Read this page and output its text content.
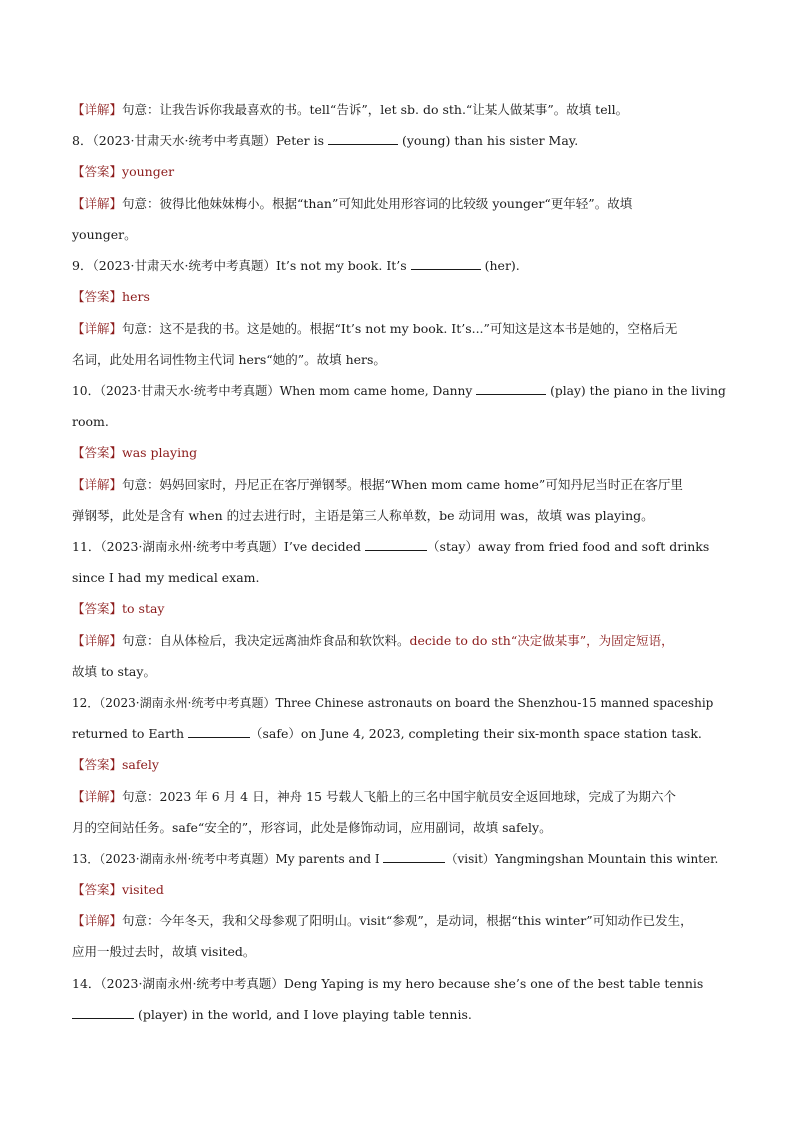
【详解】句意：让我告诉你我最喜欢的书。tell“告诉”，let sb. do sth.“让某人做某事”。故填 tell。
8．（2023·甘肃天水·统考中考真题）Peter is	(young) than his sister May.
【答案】younger
【详解】句意：彼得比他妹妹梅小。根据“than”可知此处用形容词的比较级 younger“更年轻”。故填
younger。
9．（2023·甘肃天水·统考中考真题）It’s not my book. It’s	(her).
【答案】hers
【详解】句意：这不是我的书。这是她的。根据“It’s not my book. It’s...”可知这是这本书是她的，空格后无
名词，此处用名词性物主代词 hers“她的”。故填 hers。
10．（2023·甘肃天水·统考中考真题）When mom came home, Danny	(play) the piano in the living
room.
【答案】was playing
【详解】句意：妈妈回家时，丹尼正在客厅弹钢琴。根据“When mom came home”可知丹尼当时正在客厅里
弹钢琴，此处是含有 when 的过去进行时，主语是第三人称单数，be 动词用 was，故填 was playing。
11．（2023·湖南永州·统考中考真题）I’ve decided	（stay）away from fried food and soft drinks
since I had my medical exam.
【答案】to stay
【详解】句意：自从体检后，我决定远离油炸食品和软饮料。decide to do sth“决定做某事”，为固定短语，
故填 to stay。
12．（2023·湖南永州·统考中考真题）Three Chinese astronauts on board the Shenzhou-15 manned spaceship
returned to Earth	（safe）on June 4, 2023, completing their six-month space station task.
【答案】safely
【详解】句意：2023 年 6 月 4 日，神舟 15 号载人飞船上的三名中国宇航员安全返回地球，完成了为期六个
月的空间站任务。safe“安全的”，形容词，此处是修饰动词，应用副词，故填 safely。
13．（2023·湖南永州·统考中考真题）My parents and I	（visit）Yangmingshan Mountain this winter.
【答案】visited
【详解】句意：今年冬天，我和父母参观了阳明山。visit“参观”，是动词，根据“this winter”可知动作已发生，
应用一般过去时，故填 visited。
14．（2023·湖南永州·统考中考真题）Deng Yaping is my hero because she’s one of the best table tennis
(player) in the world, and I love playing table tennis.
